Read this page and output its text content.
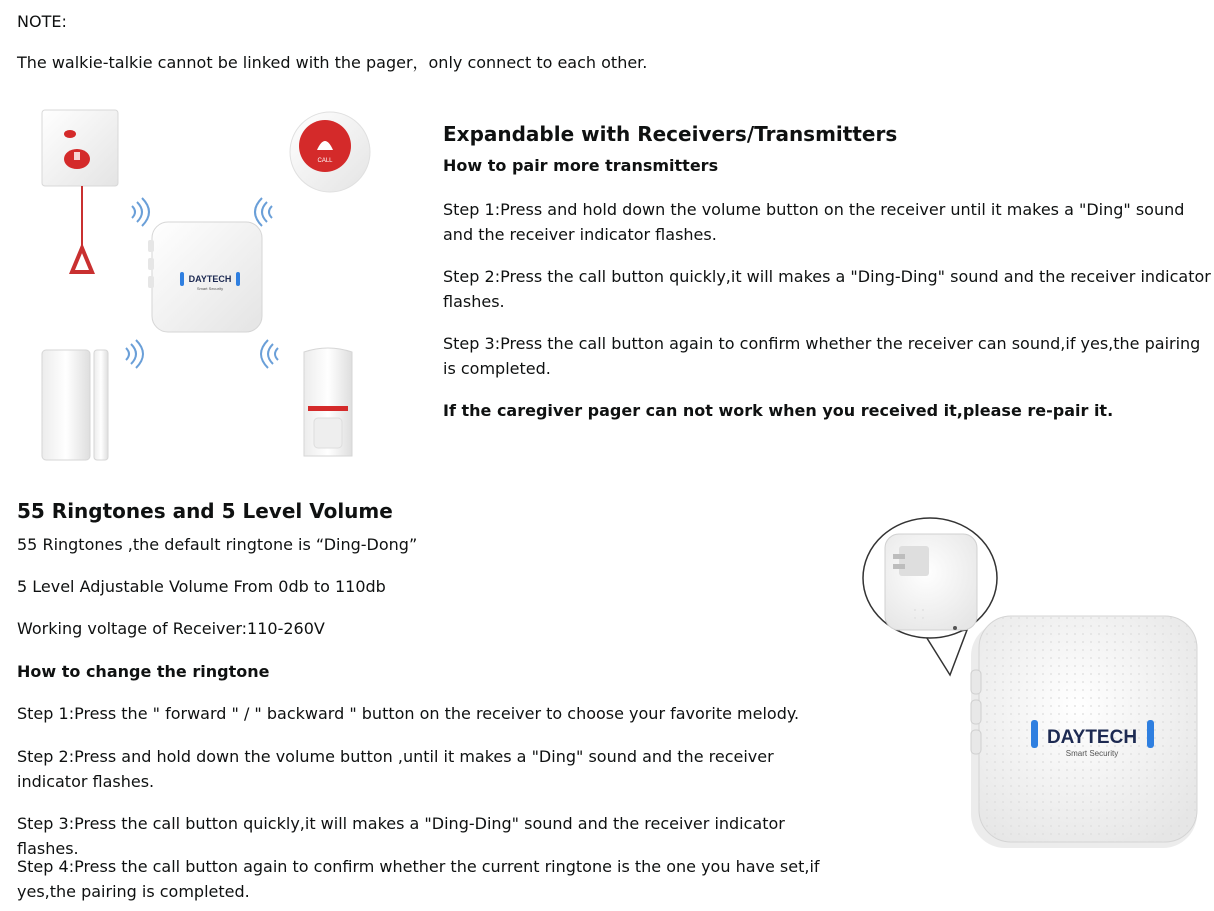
NOTE:
The walkie-talkie cannot be linked with the pager，only connect to each other.
CALL
DAYTECH
Smart Security
Expandable with Receivers/Transmitters
How to pair more transmitters
Step 1:Press and hold down the volume button on the receiver until it makes a "Ding" sound and the receiver indicator flashes.
Step 2:Press the call button quickly,it will makes a "Ding-Ding" sound and the receiver indicator flashes.
Step 3:Press the call button again to confirm whether the receiver can sound,if yes,the pairing is completed.
If the caregiver pager can not work when you received it,please re-pair it.
55 Ringtones and 5 Level Volume
55 Ringtones ,the default ringtone is “Ding-Dong”
5 Level Adjustable Volume From 0db to 110db
Working voltage of Receiver:110-260V
How to change the ringtone
Step 1:Press the " forward " / " backward " button on the receiver to choose your favorite melody.
Step 2:Press and hold down the volume button ,until it makes a "Ding" sound and the receiver indicator flashes.
Step 3:Press the call button quickly,it will makes a "Ding-Ding" sound and the receiver indicator flashes.
Step 4:Press the call button again to confirm whether the current ringtone is the one you have set,if yes,the pairing is completed.
DAYTECH
Smart Security
